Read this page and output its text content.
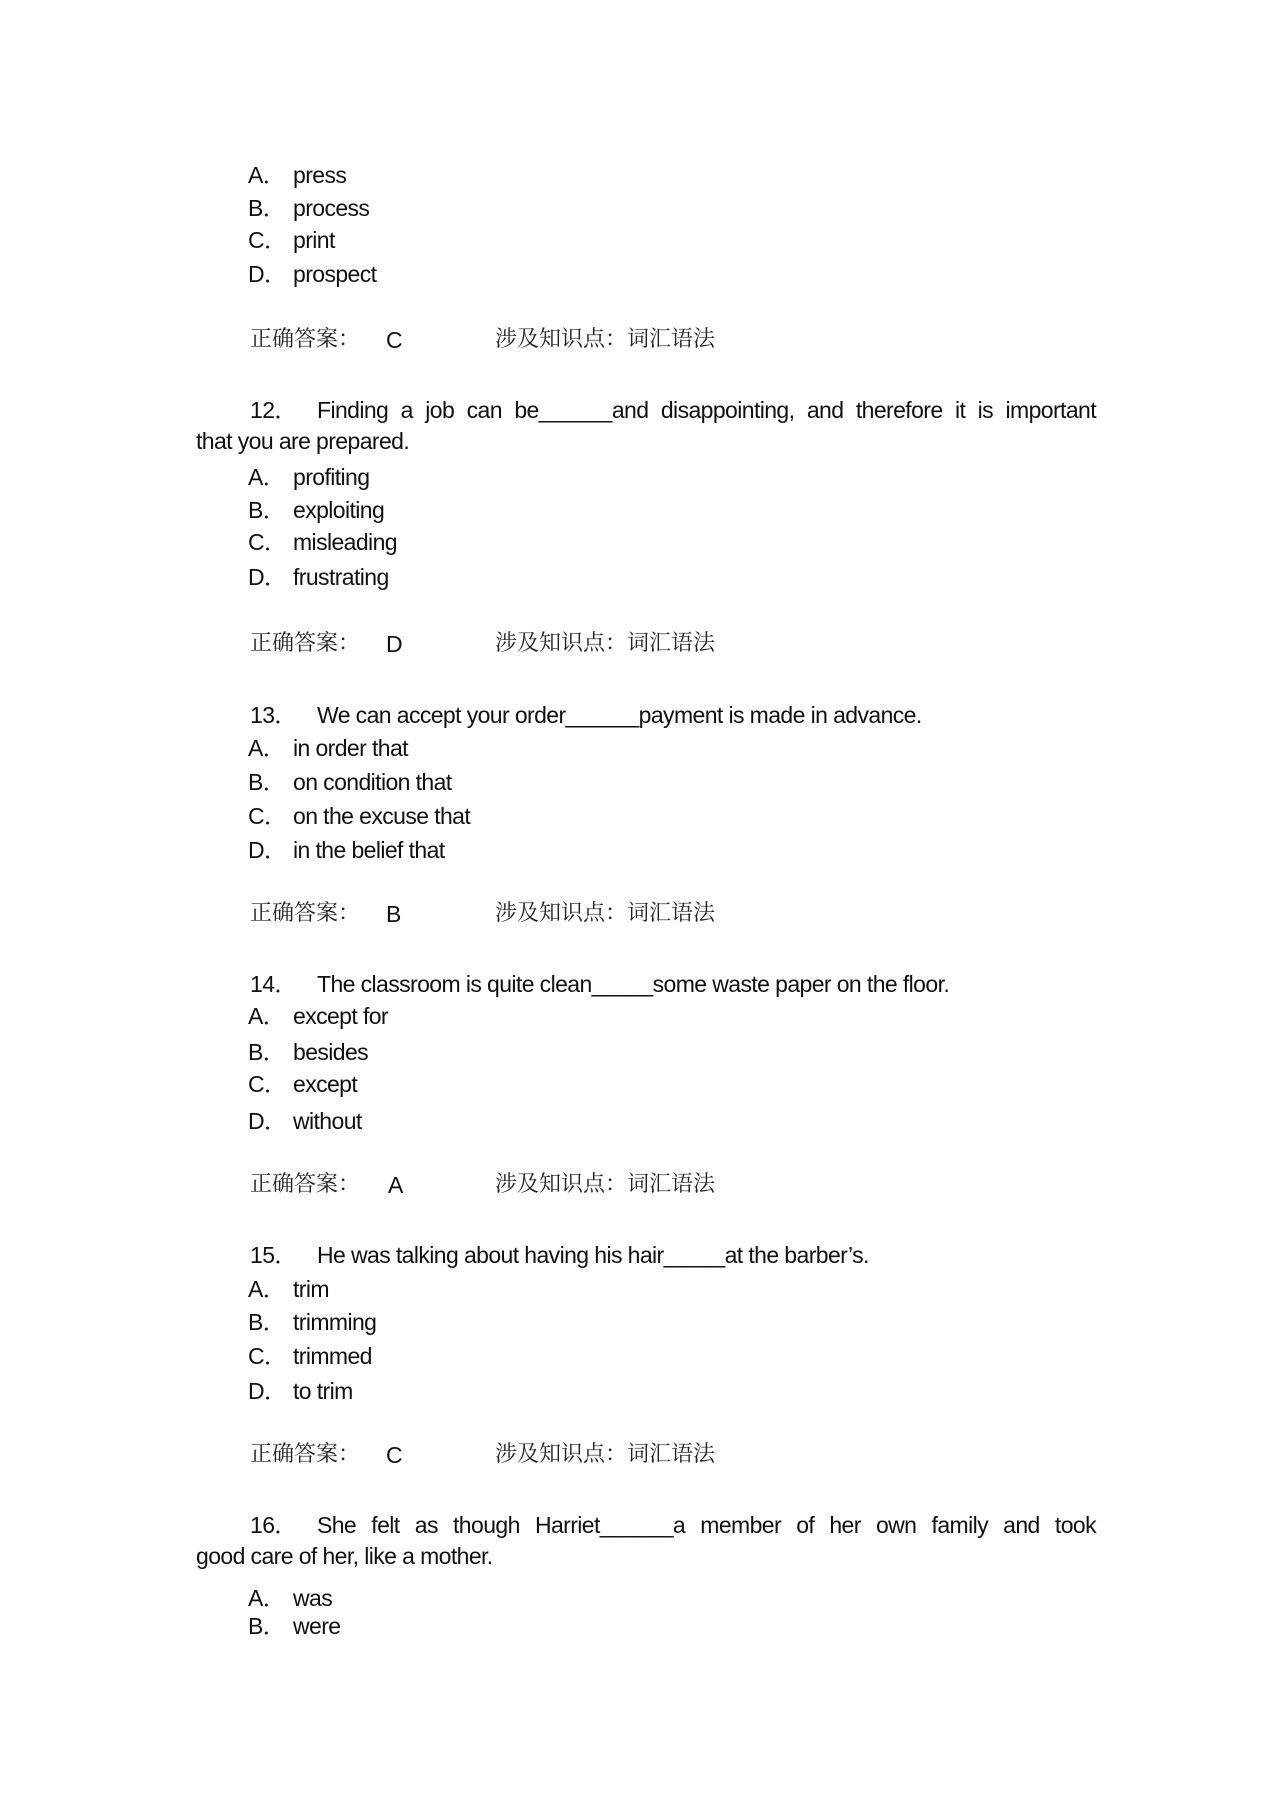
A． press
B． process
C． print
D． prospect
正确答案： C	涉及知识点：词汇语法
12． Finding a job can be______and disappointing, and therefore it is important
that you are prepared.
A． profiting
B． exploiting
C． misleading
D． frustrating
正确答案： D	涉及知识点：词汇语法
13． We can accept your order______payment is made in advance.
A． in order that
B． on condition that
C． on the excuse that
D． in the belief that
正确答案： B	涉及知识点：词汇语法
14． The classroom is quite clean_____some waste paper on the floor.
A． except for
B． besides
C． except
D． without
正确答案： A	涉及知识点：词汇语法
15． He was talking about having his hair_____at the barber’s.
A． trim
B． trimming
C． trimmed
D． to trim
正确答案： C	涉及知识点：词汇语法
16． She felt as though Harriet______a member of her own family and took
good care of her, like a mother.
A． was
B． were
